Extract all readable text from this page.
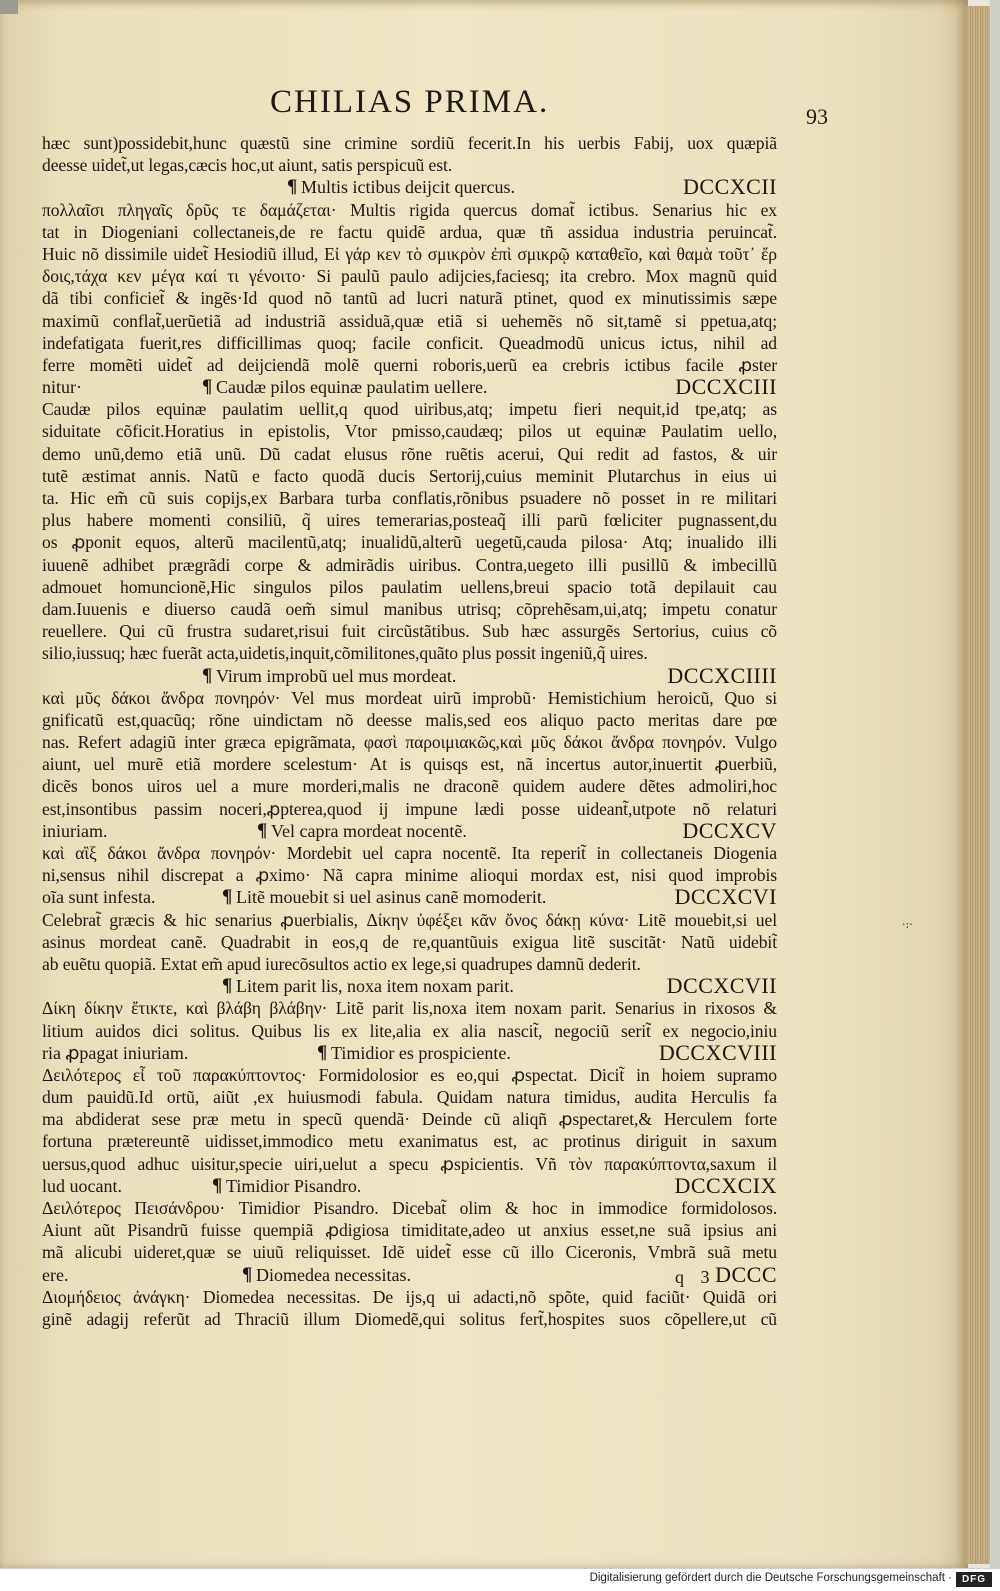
CHILIAS PRIMA.	93
hæc sunt)possidebit,hunc quæstũ sine crimine sordiũ fecerit.In his uerbis Fabij, uox quæpiã
deesse uidet̃,ut legas,cæcis hoc,ut aiunt, satis perspicuũ est.
¶ Multis ictibus deijcit quercus.	DCCXCII
πολλαῖσι πληγαῖς δρῦς τε δαμάζεται· Multis rigida quercus domat̃ ictibus. Senarius hic ex
tat in Diogeniani collectaneis,de re factu quidẽ ardua, quæ tñ assidua industria peruincat̃.
Huic nõ dissimile uidet̃ Hesiodiũ illud, Εἰ γάρ κεν τὸ σμικρὸν ἐπὶ σμικρῷ καταθεῖο, καὶ θαμὰ τοῦτ᾽ ἔρ
δοις,τάχα κεν μέγα καί τι γένοιτο· Si paulũ paulo adijcies,faciesq; ita crebro. Mox magnũ quid
dã tibi conficiet̃ & ingẽs·Id quod nõ tantũ ad lucri naturã ptinet, quod ex minutissimis sæpe
maximũ conflat̃,uerũetiã ad industriã assiduã,quæ etiã si uehemẽs nõ sit,tamẽ si ppetua,atq;
indefatigata fuerit,res difficillimas quoq; facile conficit. Queadmodũ unicus ictus, nihil ad
ferre momẽti uidet̃ ad deijciendã molẽ querni roboris,uerũ ea crebris ictibus facile ꝓster
nitur·	¶ Caudæ pilos equinæ paulatim uellere.	DCCXCIII
Caudæ pilos equinæ paulatim uellit,q quod uiribus,atq; impetu fieri nequit,id tpe,atq; as
siduitate cõficit.Horatius in epistolis, Vtor pmisso,caudæq; pilos ut equinæ Paulatim uello,
demo unũ,demo etiã unũ. Dũ cadat elusus rõne ruẽtis acerui, Qui redit ad fastos, & uir
tutẽ æstimat annis. Natũ e facto quodã ducis Sertorij,cuius meminit Plutarchus in eius ui
ta. Hic em̃ cũ suis copijs,ex Barbara turba conflatis,rõnibus psuadere nõ posset in re militari
plus habere momenti consiliũ, q̃ uires temerarias,posteaq̃ illi parũ fœliciter pugnassent,du
os ꝓponit equos, alterũ macilentũ,atq; inualidũ,alterũ uegetũ,cauda pilosa· Atq; inualido illi
iuuenẽ adhibet prægrãdi corpe & admirãdis uiribus. Contra,uegeto illi pusillũ & imbecillũ
admouet homuncionẽ,Hic singulos pilos paulatim uellens,breui spacio totã depilauit cau
dam.Iuuenis e diuerso caudã oem̃ simul manibus utrisq; cõprehẽsam,ui,atq; impetu conatur
reuellere. Qui cũ frustra sudaret,risui fuit circũstãtibus. Sub hæc assurgẽs Sertorius, cuius cõ
silio,iussuq; hæc fuerãt acta,uidetis,inquit,cõmilitones,quãto plus possit ingeniũ,q̃ uires.
¶ Virum improbũ uel mus mordeat.	DCCXCIIII
καὶ μῦς δάκοι ἄνδρα πονηρόν· Vel mus mordeat uirũ improbũ· Hemistichium heroicũ, Quo si
gnificatũ est,quacũq; rõne uindictam nõ deesse malis,sed eos aliquo pacto meritas dare pœ
nas. Refert adagiũ inter græca epigrãmata, φασὶ παροιμιακῶς,καὶ μῦς δάκοι ἄνδρα πονηρόν. Vulgo
aiunt, uel murẽ etiã mordere scelestum· At is quisqs est, nã incertus autor,inuertit ꝓuerbiũ,
dicẽs bonos uiros uel a mure morderi,malis ne draconẽ quidem audere dẽtes admoliri,hoc
est,insontibus passim noceri,ꝓpterea,quod ij impune lædi posse uideant̃,utpote nõ relaturi
iniuriam.	¶ Vel capra mordeat nocentẽ.	DCCXCV
καὶ αἲξ δάκοι ἄνδρα πονηρόν· Mordebit uel capra nocentẽ. Ita reperit̃ in collectaneis Diogenia
ni,sensus nihil discrepat a ꝓximo· Nã capra minime alioqui mordax est, nisi quod improbis
oĩa sunt infesta.	¶ Litẽ mouebit si uel asinus canẽ momoderit.	DCCXCVI
Celebrat̃ græcis & hic senarius ꝓuerbialis, Δίκην ὑφέξει κᾶν ὄνος δάκῃ κύνα· Litẽ mouebit,si uel
asinus mordeat canẽ. Quadrabit in eos,q de re,quantũuis exigua litẽ suscitãt· Natũ uidebit̃
ab euẽtu quopiã. Extat em̃ apud iurecõsultos actio ex lege,si quadrupes damnũ dederit.
¶ Litem parit lis, noxa item noxam parit.	DCCXCVII
Δίκη δίκην ἔτικτε, καὶ βλάβη βλάβην· Litẽ parit lis,noxa item noxam parit. Senarius in rixosos &
litium auidos dici solitus. Quibus lis ex lite,alia ex alia nascit̃, negociũ serit̃ ex negocio,iniu
ria ꝓpagat iniuriam.	¶ Timidior es prospiciente.	DCCXCVIII
Δειλότερος εἶ τοῦ παρακύπτοντος· Formidolosior es eo,qui ꝓspectat. Dicit̃ in hoiem supramo
dum pauidũ.Id ortũ, aiũt ,ex huiusmodi fabula. Quidam natura timidus, audita Herculis fa
ma abdiderat sese præ metu in specũ quendã· Deinde cũ aliqñ ꝓspectaret,& Herculem forte
fortuna prætereuntẽ uidisset,immodico metu exanimatus est, ac protinus diriguit in saxum
uersus,quod adhuc uisitur,specie uiri,uelut a specu ꝓspicientis. Vñ τὸν παρακύπτοντα,saxum il
lud uocant.	¶ Timidior Pisandro.	DCCXCIX
Δειλότερος Πεισάνδρου· Timidior Pisandro. Dicebat̃ olim & hoc in immodice formidolosos.
Aiunt aũt Pisandrũ fuisse quempiã ꝓdigiosa timiditate,adeo ut anxius esset,ne suã ipsius ani
mã alicubi uideret,quæ se uiuũ reliquisset. Idẽ uidet̃ esse cũ illo Ciceronis, Vmbrã suã metu
ere.	¶ Diomedea necessitas.	DCCC
Διομήδειος ἀνάγκη· Diomedea necessitas. De ijs,q ui adacti,nõ spõte, quid faciũt· Quidã ori
ginẽ adagij referũt ad Thraciũ illum Diomedẽ,qui solitus fert̃,hospites suos cõpellere,ut cũ
q 3
·:·
Digitalisierung gefördert durch die Deutsche Forschungsgemeinschaft · DFG
